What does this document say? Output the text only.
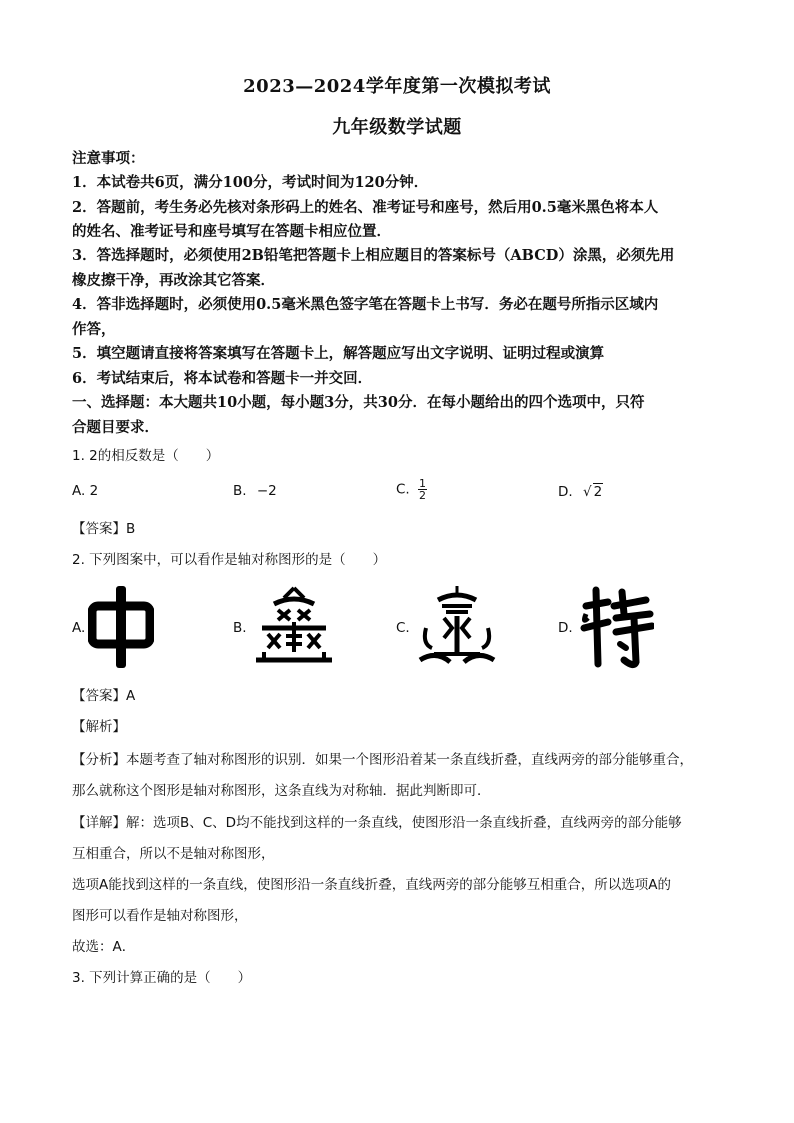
2023—2024学年度第一次模拟考试
九年级数学试题
注意事项：
1．本试卷共6页，满分100分，考试时间为120分钟．
2．答题前，考生务必先核对条形码上的姓名、准考证号和座号，然后用0.5毫米黑色将本人
的姓名、准考证号和座号填写在答题卡相应位置．
3．答选择题时，必须使用2B铅笔把答题卡上相应题目的答案标号（ABCD）涂黑，必须先用
橡皮擦干净，再改涂其它答案．
4．答非选择题时，必须使用0.5毫米黑色签字笔在答题卡上书写．务必在题号所指示区域内
作答，
5．填空题请直接将答案填写在答题卡上，解答题应写出文字说明、证明过程或演算
6．考试结束后，将本试卷和答题卡一并交回．
一、选择题：本大题共10小题，每小题3分，共30分．在每小题给出的四个选项中，只符
合题目要求．
1. 2的相反数是（　　）
A. 2	B. −2	C. $\frac{1}{2}$	D. √ 2
【答案】B
2. 下列图案中，可以看作是轴对称图形的是（　　）
A.	B.	C.	D.
【答案】A
【解析】
【分析】本题考查了轴对称图形的识别．如果一个图形沿着某一条直线折叠，直线两旁的部分能够重合，
那么就称这个图形是轴对称图形，这条直线为对称轴．据此判断即可．
【详解】解：选项B、C、D均不能找到这样的一条直线，使图形沿一条直线折叠，直线两旁的部分能够
互相重合，所以不是轴对称图形，
选项A能找到这样的一条直线，使图形沿一条直线折叠，直线两旁的部分能够互相重合，所以选项A的
图形可以看作是轴对称图形，
故选：A．
3. 下列计算正确的是（　　）
